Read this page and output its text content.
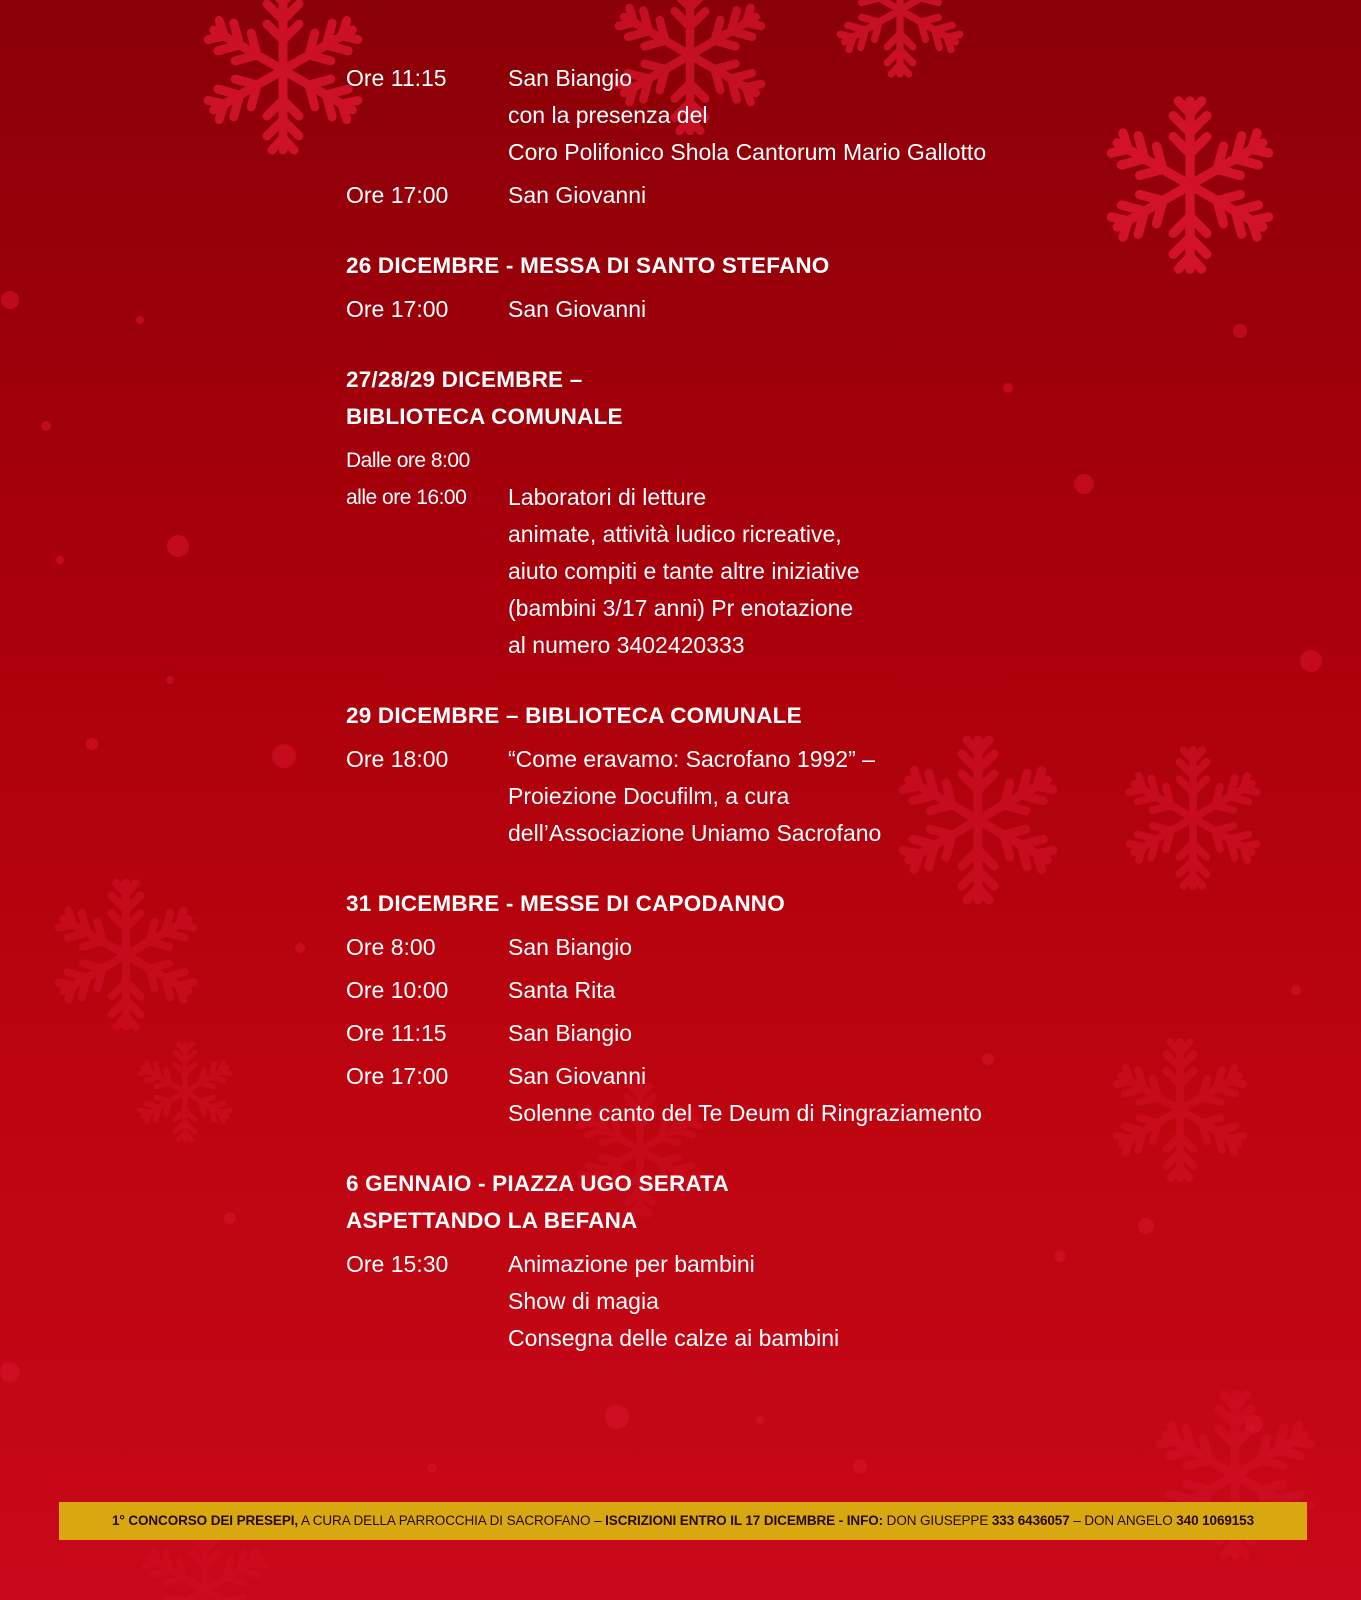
Ore 11:15	San Biangio
con la presenza del
Coro Polifonico Shola Cantorum Mario Gallotto
Ore 17:00	San Giovanni
26 DICEMBRE - MESSA DI SANTO STEFANO
Ore 17:00	San Giovanni
27/28/29 DICEMBRE –
BIBLIOTECA COMUNALE
Dalle ore 8:00
alle ore 16:00	Laboratori di letture
animate, attività ludico ricreative,
aiuto compiti e tante altre iniziative
(bambini 3/17 anni) Pr enotazione
al numero 3402420333
29 DICEMBRE – BIBLIOTECA COMUNALE
Ore 18:00	“Come eravamo: Sacrofano 1992” –
Proiezione Docufilm, a cura
dell’Associazione Uniamo Sacrofano
31 DICEMBRE - MESSE DI CAPODANNO
Ore 8:00	San Biangio
Ore 10:00	Santa Rita
Ore 11:15	San Biangio
Ore 17:00	San Giovanni
Solenne canto del Te Deum di Ringraziamento
6 GENNAIO - PIAZZA UGO SERATA
ASPETTANDO LA BEFANA
Ore 15:30	Animazione per bambini
Show di magia
Consegna delle calze ai bambini
1° CONCORSO DEI PRESEPI, A CURA DELLA PARROCCHIA DI SACROFANO – ISCRIZIONI ENTRO IL 17 DICEMBRE - INFO: DON GIUSEPPE 333 6436057 – DON ANGELO 340 1069153
